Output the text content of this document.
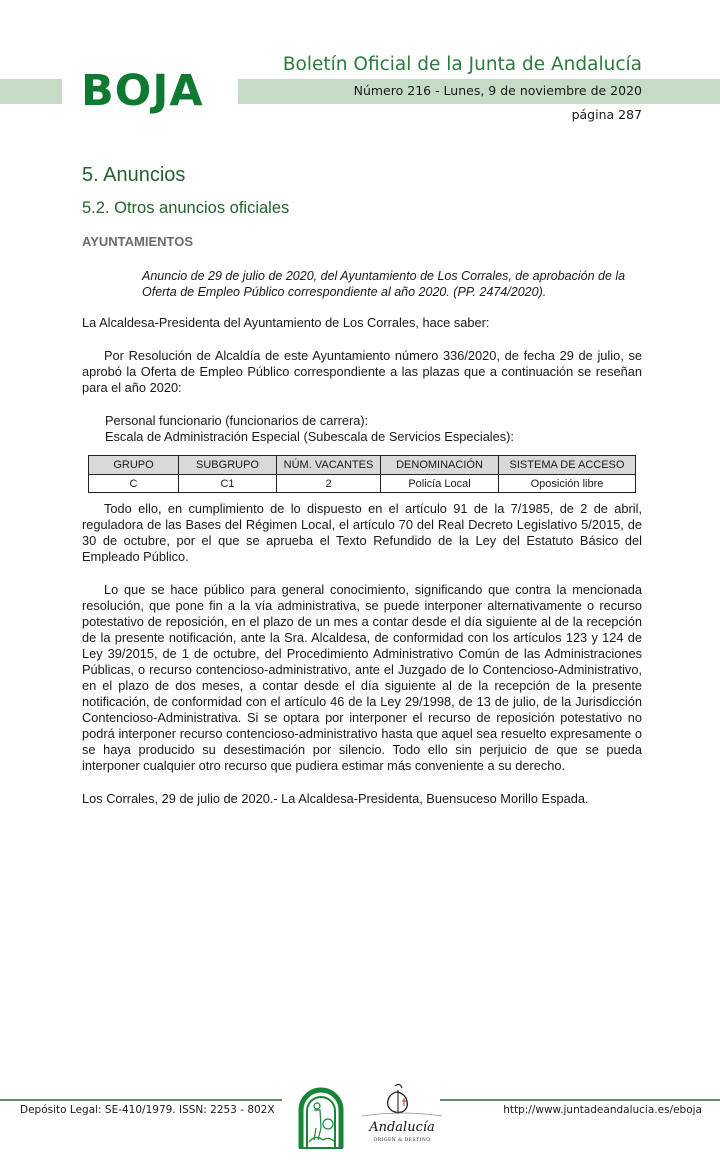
BOJA
Boletín Oficial de la Junta de Andalucía
Número 216 - Lunes, 9 de noviembre de 2020
página 287
5. Anuncios
5.2. Otros anuncios oficiales
AYUNTAMIENTOS
Anuncio de 29 de julio de 2020, del Ayuntamiento de Los Corrales, de aprobación de la Oferta de Empleo Público correspondiente al año 2020. (PP. 2474/2020).

La Alcaldesa-Presidenta del Ayuntamiento de Los Corrales, hace saber:

Por Resolución de Alcaldía de este Ayuntamiento número 336/2020, de fecha 29 de julio, se aprobó la Oferta de Empleo Público correspondiente a las plazas que a continuación se reseñan para el año 2020:

Personal funcionario (funcionarios de carrera):

Escala de Administración Especial (Subescala de Servicios Especiales):

GRUPO	SUBGRUPO	NÚM. VACANTES	DENOMINACIÓN	SISTEMA DE ACCESO
C	C1	2	Policía Local	Oposición libre

Todo ello, en cumplimiento de lo dispuesto en el artículo 91 de la 7/1985, de 2 de abril, reguladora de las Bases del Régimen Local, el artículo 70 del Real Decreto Legislativo 5/2015, de 30 de octubre, por el que se aprueba el Texto Refundido de la Ley del Estatuto Básico del Empleado Público.

Lo que se hace público para general conocimiento, significando que contra la mencionada resolución, que pone fin a la vía administrativa, se puede interponer alternativamente o recurso potestativo de reposición, en el plazo de un mes a contar desde el día siguiente al de la recepción de la presente notificación, ante la Sra. Alcaldesa, de conformidad con los artículos 123 y 124 de Ley 39/2015, de 1 de octubre, del Procedimiento Administrativo Común de las Administraciones Públicas, o recurso contencioso-administrativo, ante el Juzgado de lo Contencioso-Administrativo, en el plazo de dos meses, a contar desde el día siguiente al de la recepción de la presente notificación, de conformidad con el artículo 46 de la Ley 29/1998, de 13 de julio, de la Jurisdicción Contencioso-Administrativa. Si se optara por interponer el recurso de reposición potestativo no podrá interponer recurso contencioso-administrativo hasta que aquel sea resuelto expresamente o se haya producido su desestimación por silencio. Todo ello sin perjuicio de que se pueda interponer cualquier otro recurso que pudiera estimar más conveniente a su derecho.

Los Corrales, 29 de julio de 2020.- La Alcaldesa-Presidenta, Buensuceso Morillo Espada.

Depósito Legal: SE-410/1979. ISSN: 2253 - 802X	http://www.juntadeandalucia.es/eboja
Andalucía
ORIGEN & DESTINO
